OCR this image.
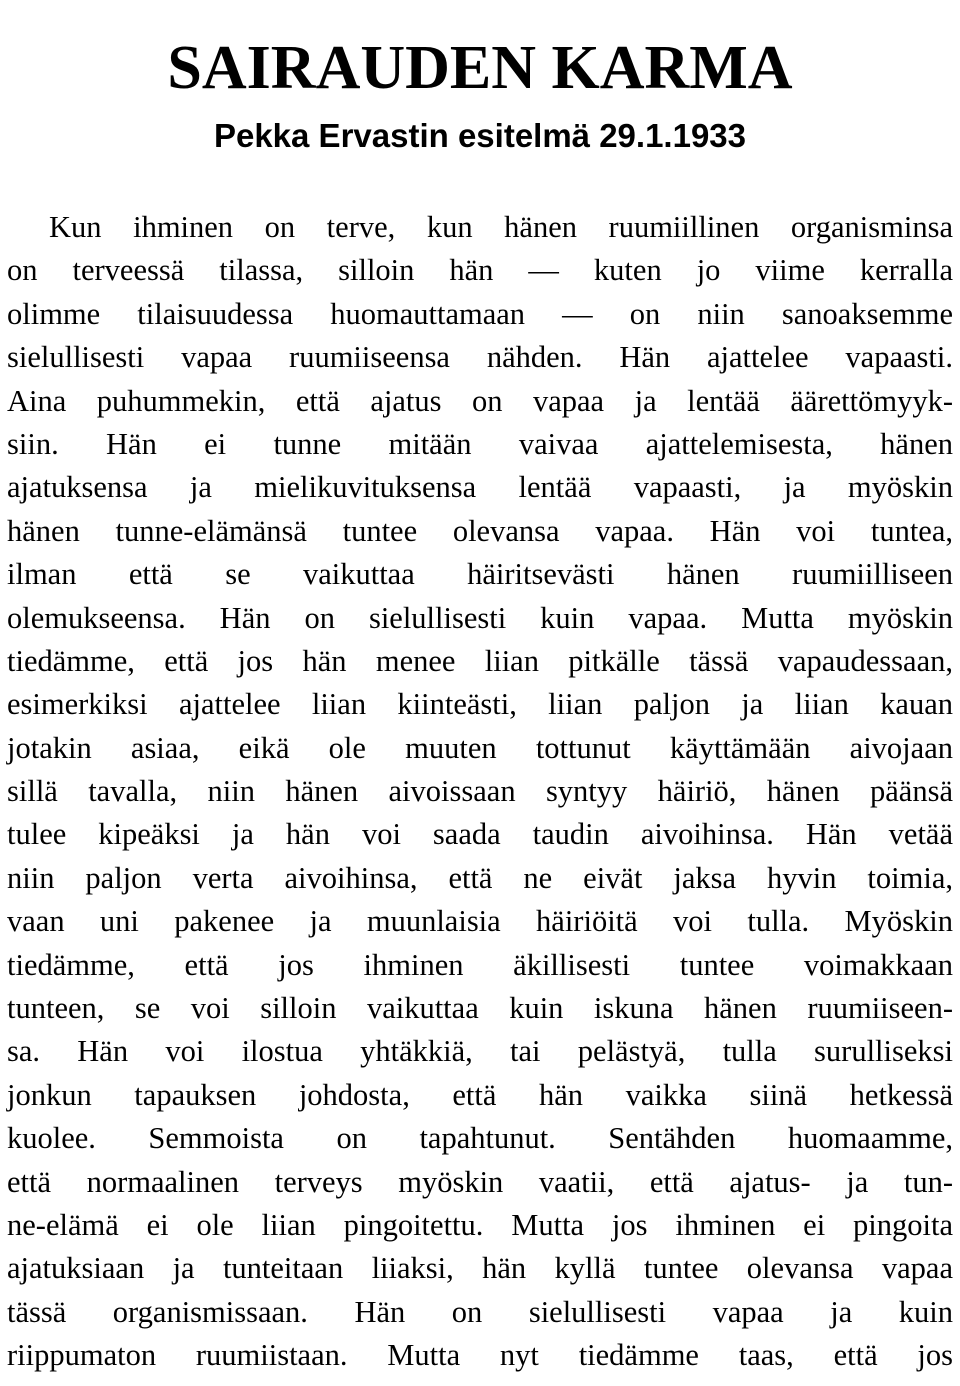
SAIRAUDEN KARMA
Pekka Ervastin esitelmä 29.1.1933
Kun ihminen on terve, kun hänen ruumiillinen organisminsa
on terveessä tilassa, silloin hän — kuten jo viime kerralla
olimme tilaisuudessa huomauttamaan — on niin sanoaksemme
sielullisesti vapaa ruumiiseensa nähden. Hän ajattelee vapaasti.
Aina puhummekin, että ajatus on vapaa ja lentää äärettömyyk-
siin. Hän ei tunne mitään vaivaa ajattelemisesta, hänen
ajatuksensa ja mielikuvituksensa lentää vapaasti, ja myöskin
hänen tunne-elämänsä tuntee olevansa vapaa. Hän voi tuntea,
ilman että se vaikuttaa häiritsevästi hänen ruumiilliseen
olemukseensa. Hän on sielullisesti kuin vapaa. Mutta myöskin
tiedämme, että jos hän menee liian pitkälle tässä vapaudessaan,
esimerkiksi ajattelee liian kiinteästi, liian paljon ja liian kauan
jotakin asiaa, eikä ole muuten tottunut käyttämään aivojaan
sillä tavalla, niin hänen aivoissaan syntyy häiriö, hänen päänsä
tulee kipeäksi ja hän voi saada taudin aivoihinsa. Hän vetää
niin paljon verta aivoihinsa, että ne eivät jaksa hyvin toimia,
vaan uni pakenee ja muunlaisia häiriöitä voi tulla. Myöskin
tiedämme, että jos ihminen äkillisesti tuntee voimakkaan
tunteen, se voi silloin vaikuttaa kuin iskuna hänen ruumiiseen-
sa. Hän voi ilostua yhtäkkiä, tai pelästyä, tulla surulliseksi
jonkun tapauksen johdosta, että hän vaikka siinä hetkessä
kuolee. Semmoista on tapahtunut. Sentähden huomaamme,
että normaalinen terveys myöskin vaatii, että ajatus- ja tun-
ne-elämä ei ole liian pingoitettu. Mutta jos ihminen ei pingoita
ajatuksiaan ja tunteitaan liiaksi, hän kyllä tuntee olevansa vapaa
tässä organismissaan. Hän on sielullisesti vapaa ja kuin
riippumaton ruumiistaan. Mutta nyt tiedämme taas, että jos
